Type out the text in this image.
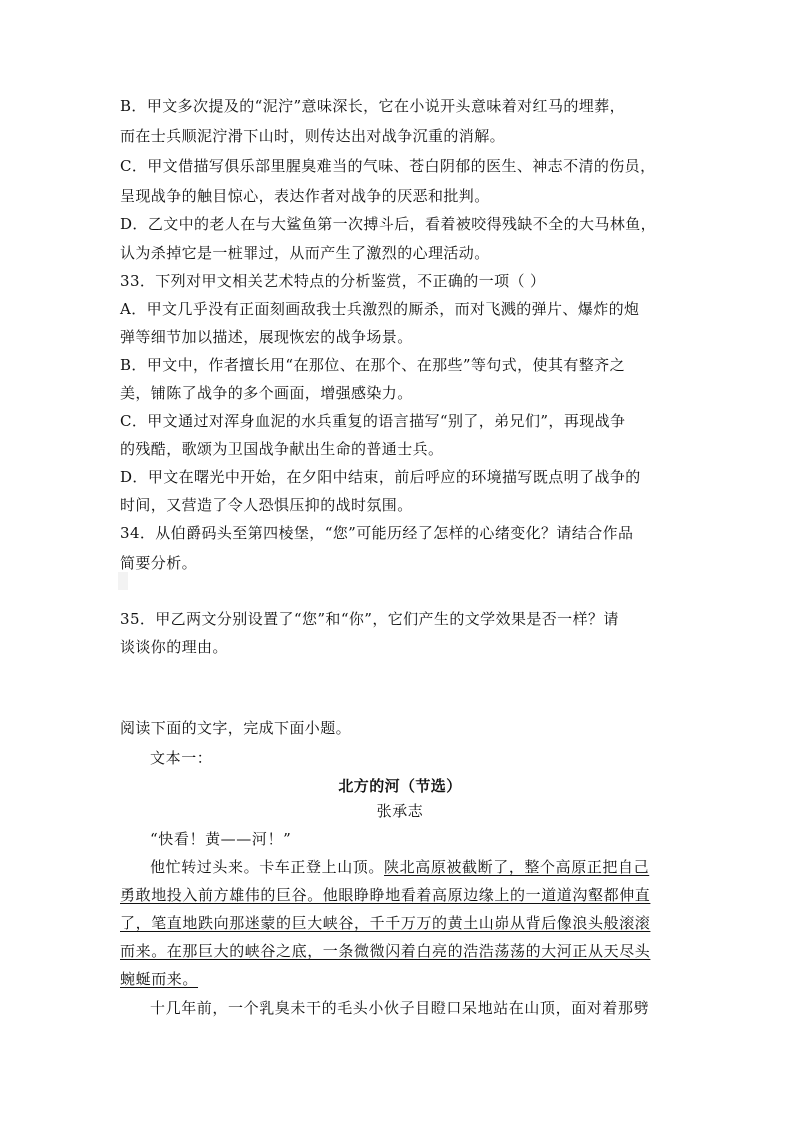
B．甲文多次提及的“泥泞”意味深长，它在小说开头意味着对红马的埋葬，
而在士兵顺泥泞滑下山时，则传达出对战争沉重的消解。
C．甲文借描写俱乐部里腥臭难当的气味、苍白阴郁的医生、神志不清的伤员，
呈现战争的触目惊心，表达作者对战争的厌恶和批判。
D．乙文中的老人在与大鲨鱼第一次搏斗后，看着被咬得残缺不全的大马林鱼，
认为杀掉它是一桩罪过，从而产生了激烈的心理活动。
33．下列对甲文相关艺术特点的分析鉴赏，不正确的一项（ ）
A．甲文几乎没有正面刻画敌我士兵激烈的厮杀，而对飞溅的弹片、爆炸的炮
弹等细节加以描述，展现恢宏的战争场景。
B．甲文中，作者擅长用“在那位、在那个、在那些”等句式，使其有整齐之
美，铺陈了战争的多个画面，增强感染力。
C．甲文通过对浑身血泥的水兵重复的语言描写“别了，弟兄们”，再现战争
的残酷，歌颂为卫国战争献出生命的普通士兵。
D．甲文在曙光中开始，在夕阳中结束，前后呼应的环境描写既点明了战争的
时间，又营造了令人恐惧压抑的战时氛围。
34．从伯爵码头至第四棱堡，“您”可能历经了怎样的心绪变化？请结合作品
简要分析。
35．甲乙两文分别设置了“您”和“你”，它们产生的文学效果是否一样？请
谈谈你的理由。
阅读下面的文字，完成下面小题。
文本一：
北方的河（节选）
张承志
“快看！黄——河！”
他忙转过头来。卡车正登上山顶。陕北高原被截断了，整个高原正把自己
勇敢地投入前方雄伟的巨谷。他眼睁睁地看着高原边缘上的一道道沟壑都伸直
了，笔直地跌向那迷蒙的巨大峡谷，千千万万的黄土山峁从背后像浪头般滚滚
而来。在那巨大的峡谷之底，一条微微闪着白亮的浩浩荡荡的大河正从天尽头
蜿蜒而来。
十几年前，一个乳臭未干的毛头小伙子目瞪口呆地站在山顶，面对着那劈
